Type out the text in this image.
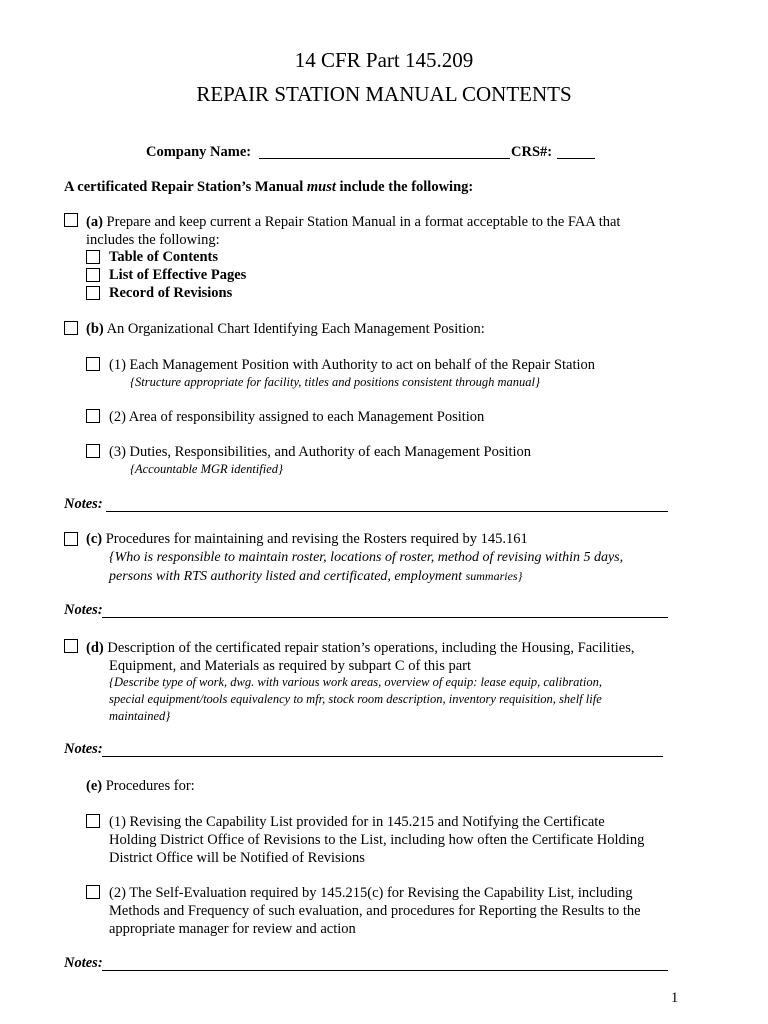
14 CFR Part 145.209
REPAIR STATION MANUAL CONTENTS
Company Name:	CRS#:
A certificated Repair Station’s Manual must include the following:
(a) Prepare and keep current a Repair Station Manual in a format acceptable to the FAA that
includes the following:
Table of Contents
List of Effective Pages
Record of Revisions
(b) An Organizational Chart Identifying Each Management Position:
(1) Each Management Position with Authority to act on behalf of the Repair Station
{Structure appropriate for facility, titles and positions consistent through manual}
(2) Area of responsibility assigned to each Management Position
(3) Duties, Responsibilities, and Authority of each Management Position
{Accountable MGR identified}
Notes:
(c) Procedures for maintaining and revising the Rosters required by 145.161
{Who is responsible to maintain roster, locations of roster, method of revising within 5 days,
persons with RTS authority listed and certificated, employment summaries}
Notes:
(d) Description of the certificated repair station’s operations, including the Housing, Facilities,
Equipment, and Materials as required by subpart C of this part
{Describe type of work, dwg. with various work areas, overview of equip: lease equip, calibration,
special equipment/tools equivalency to mfr, stock room description, inventory requisition, shelf life
maintained}
Notes:
(e) Procedures for:
(1) Revising the Capability List provided for in 145.215 and Notifying the Certificate
Holding District Office of Revisions to the List, including how often the Certificate Holding
District Office will be Notified of Revisions
(2) The Self-Evaluation required by 145.215(c) for Revising the Capability List, including
Methods and Frequency of such evaluation, and procedures for Reporting the Results to the
appropriate manager for review and action
Notes:
1
